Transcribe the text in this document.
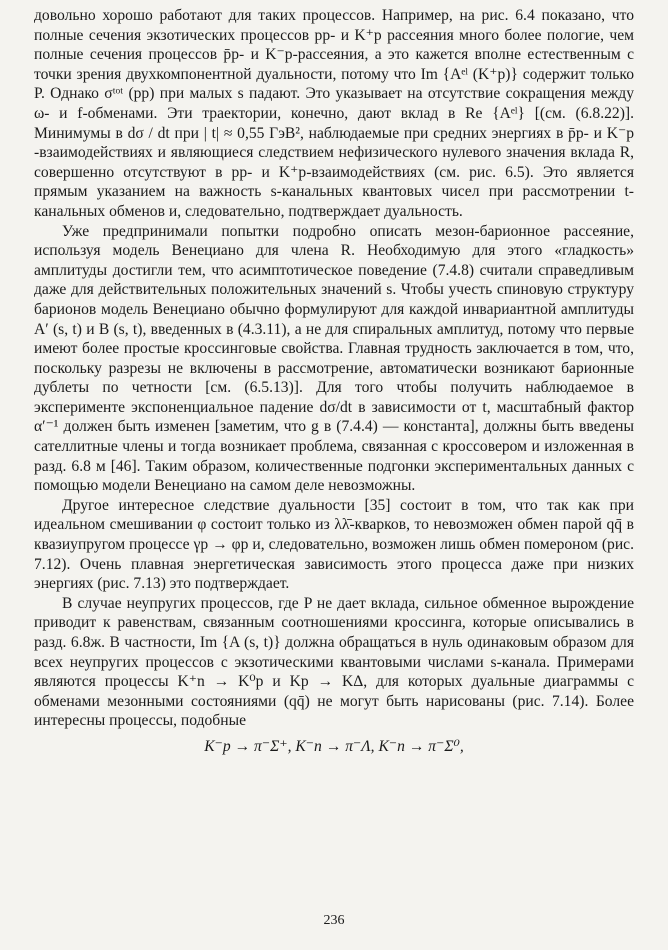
довольно хорошо работают для таких процессов. Например, на рис. 6.4 показано, что полные сечения экзотических процессов pp- и K⁺p рассеяния много более пологие, чем полные сечения процессов p̄p- и K⁻p-рассеяния, а это кажется вполне естественным с точки зрения двухкомпонентной дуальности, потому что Im {Aᵉˡ (K⁺p)} содержит только P. Однако σᵗᵒᵗ (pp) при малых s падают. Это указывает на отсутствие сокращения между ω- и f-обменами. Эти траектории, конечно, дают вклад в Re {Aᵉˡ} [(см. (6.8.22)]. Минимумы в dσ / dt при | t| ≈ 0,55 ГэВ², наблюдаемые при средних энергиях в p̄p- и K⁻p -взаимодействиях и являющиеся следствием нефизического нулевого значения вклада R, совершенно отсутствуют в pp- и K⁺p-взаимодействиях (см. рис. 6.5). Это является прямым указанием на важность s-канальных квантовых чисел при рассмотрении t-канальных обменов и, следовательно, подтверждает дуальность.

Уже предпринимали попытки подробно описать мезон-барионное рассеяние, используя модель Венециано для члена R. Необходимую для этого «гладкость» амплитуды достигли тем, что асимптотическое поведение (7.4.8) считали справедливым даже для действительных положительных значений s. Чтобы учесть спиновую структуру барионов модель Венециано обычно формулируют для каждой инвариантной амплитуды A′ (s, t) и B (s, t), введенных в (4.3.11), а не для спиральных амплитуд, потому что первые имеют более простые кроссинговые свойства. Главная трудность заключается в том, что, поскольку разрезы не включены в рассмотрение, автоматически возникают барионные дублеты по четности [см. (6.5.13)]. Для того чтобы получить наблюдаемое в эксперименте экспоненциальное падение dσ/dt в зависимости от t, масштабный фактор α′⁻¹ должен быть изменен [заметим, что g в (7.4.4) — константа], должны быть введены сателлитные члены и тогда возникает проблема, связанная с кроссовером и изложенная в разд. 6.8 м [46]. Таким образом, количественные подгонки экспериментальных данных с помощью модели Венециано на самом деле невозможны.

Другое интересное следствие дуальности [35] состоит в том, что так как при идеальном смешивании φ состоит только из λλ̄-кварков, то невозможен обмен парой qq̄ в квазиупругом процессе γp → φp и, следовательно, возможен лишь обмен помероном (рис. 7.12). Очень плавная энергетическая зависимость этого процесса даже при низких энергиях (рис. 7.13) это подтверждает.

В случае неупругих процессов, где P не дает вклада, сильное обменное вырождение приводит к равенствам, связанным соотношениями кроссинга, которые описывались в разд. 6.8ж. В частности, Im {A (s, t)} должна обращаться в нуль одинаковым образом для всех неупругих процессов с экзотическими квантовыми числами s-канала. Примерами являются процессы K⁺n → K⁰p и Kp → KΔ, для которых дуальные диаграммы с обменами мезонными состояниями (qq̄) не могут быть нарисованы (рис. 7.14). Более интересны процессы, подобные

K⁻p → π⁻Σ⁺, K⁻n → π⁻Λ, K⁻n → π⁻Σ⁰,
236
